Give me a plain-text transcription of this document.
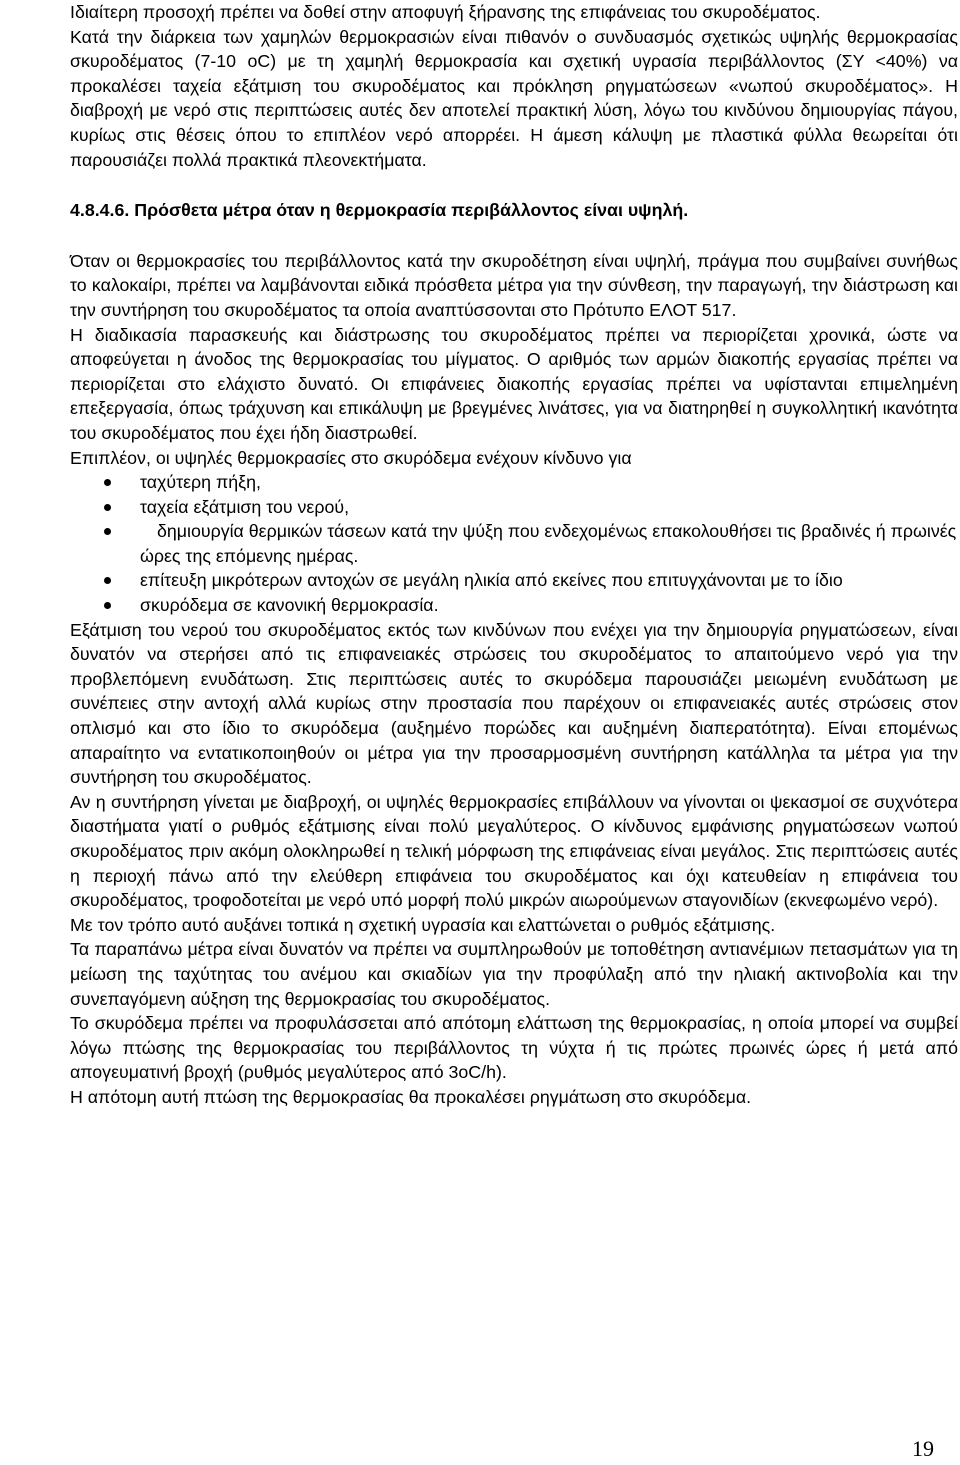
Ιδιαίτερη προσοχή πρέπει να δοθεί στην αποφυγή ξήρανσης της επιφάνειας του σκυροδέματος.

Κατά την διάρκεια των χαμηλών θερμοκρασιών είναι πιθανόν ο συνδυασμός σχετικώς υψηλής θερμοκρασίας σκυροδέματος (7-10 oC) με τη χαμηλή θερμοκρασία και σχετική υγρασία περιβάλλοντος (ΣΥ <40%) να προκαλέσει ταχεία εξάτμιση του σκυροδέματος και πρόκληση ρηγματώσεων «νωπού σκυροδέματος». Η διαβροχή με νερό στις περιπτώσεις αυτές δεν αποτελεί πρακτική λύση, λόγω του κινδύνου δημιουργίας πάγου, κυρίως στις θέσεις όπου το επιπλέον νερό απορρέει. Η άμεση κάλυψη με πλαστικά φύλλα θεωρείται ότι παρουσιάζει πολλά πρακτικά πλεονεκτήματα.

4.8.4.6. Πρόσθετα μέτρα όταν η θερμοκρασία περιβάλλοντος είναι υψηλή.

Όταν οι θερμοκρασίες του περιβάλλοντος κατά την σκυροδέτηση είναι υψηλή, πράγμα που συμβαίνει συνήθως το καλοκαίρι, πρέπει να λαμβάνονται ειδικά πρόσθετα μέτρα για την σύνθεση, την παραγωγή, την διάστρωση και την συντήρηση του σκυροδέματος τα οποία αναπτύσσονται στο Πρότυπο ΕΛΟΤ 517.

Η διαδικασία παρασκευής και διάστρωσης του σκυροδέματος πρέπει να περιορίζεται χρονικά, ώστε να αποφεύγεται η άνοδος της θερμοκρασίας του μίγματος. Ο αριθμός των αρμών διακοπής εργασίας πρέπει να περιορίζεται στο ελάχιστο δυνατό. Οι επιφάνειες διακοπής εργασίας πρέπει να υφίστανται επιμελημένη επεξεργασία, όπως τράχυνση και επικάλυψη με βρεγμένες λινάτσες, για να διατηρηθεί η συγκολλητική ικανότητα του σκυροδέματος που έχει ήδη διαστρωθεί.

Επιπλέον, οι υψηλές θερμοκρασίες στο σκυρόδεμα ενέχουν κίνδυνο για

ταχύτερη πήξη,
ταχεία εξάτμιση του νερού,
δημιουργία θερμικών τάσεων κατά την ψύξη που ενδεχομένως επακολουθήσει τις βραδινές ή πρωινές ώρες της επόμενης ημέρας.
επίτευξη μικρότερων αντοχών σε μεγάλη ηλικία από εκείνες που επιτυγχάνονται με το ίδιο
σκυρόδεμα σε κανονική θερμοκρασία.

Εξάτμιση του νερού του σκυροδέματος εκτός των κινδύνων που ενέχει για την δημιουργία ρηγματώσεων, είναι δυνατόν να στερήσει από τις επιφανειακές στρώσεις του σκυροδέματος το απαιτούμενο νερό για την προβλεπόμενη ενυδάτωση. Στις περιπτώσεις αυτές το σκυρόδεμα παρουσιάζει μειωμένη ενυδάτωση με συνέπειες στην αντοχή αλλά κυρίως στην προστασία που παρέχουν οι επιφανειακές αυτές στρώσεις στον οπλισμό και στο ίδιο το σκυρόδεμα (αυξημένο πορώδες και αυξημένη διαπερατότητα). Είναι επομένως απαραίτητο να εντατικοποιηθούν οι μέτρα για την προσαρμοσμένη συντήρηση κατάλληλα τα μέτρα για την συντήρηση του σκυροδέματος.

Αν η συντήρηση γίνεται με διαβροχή, οι υψηλές θερμοκρασίες επιβάλλουν να γίνονται οι ψεκασμοί σε συχνότερα διαστήματα γιατί ο ρυθμός εξάτμισης είναι πολύ μεγαλύτερος. Ο κίνδυνος εμφάνισης ρηγματώσεων νωπού σκυροδέματος πριν ακόμη ολοκληρωθεί η τελική μόρφωση της επιφάνειας είναι μεγάλος. Στις περιπτώσεις αυτές η περιοχή πάνω από την ελεύθερη επιφάνεια του σκυροδέματος και όχι κατευθείαν η επιφάνεια του σκυροδέματος, τροφοδοτείται με νερό υπό μορφή πολύ μικρών αιωρούμενων σταγονιδίων (εκνεφωμένο νερό).

Με τον τρόπο αυτό αυξάνει τοπικά η σχετική υγρασία και ελαττώνεται ο ρυθμός εξάτμισης.

Τα παραπάνω μέτρα είναι δυνατόν να πρέπει να συμπληρωθούν με τοποθέτηση αντιανέμιων πετασμάτων για τη μείωση της ταχύτητας του ανέμου και σκιαδίων για την προφύλαξη από την ηλιακή ακτινοβολία και την συνεπαγόμενη αύξηση της θερμοκρασίας του σκυροδέματος.

Το σκυρόδεμα πρέπει να προφυλάσσεται από απότομη ελάττωση της θερμοκρασίας, η οποία μπορεί να συμβεί λόγω πτώσης της θερμοκρασίας του περιβάλλοντος τη νύχτα ή τις πρώτες πρωινές ώρες ή μετά από απογευματινή βροχή (ρυθμός μεγαλύτερος από 3oC/h).

Η απότομη αυτή πτώση της θερμοκρασίας θα προκαλέσει ρηγμάτωση στο σκυρόδεμα.

19
